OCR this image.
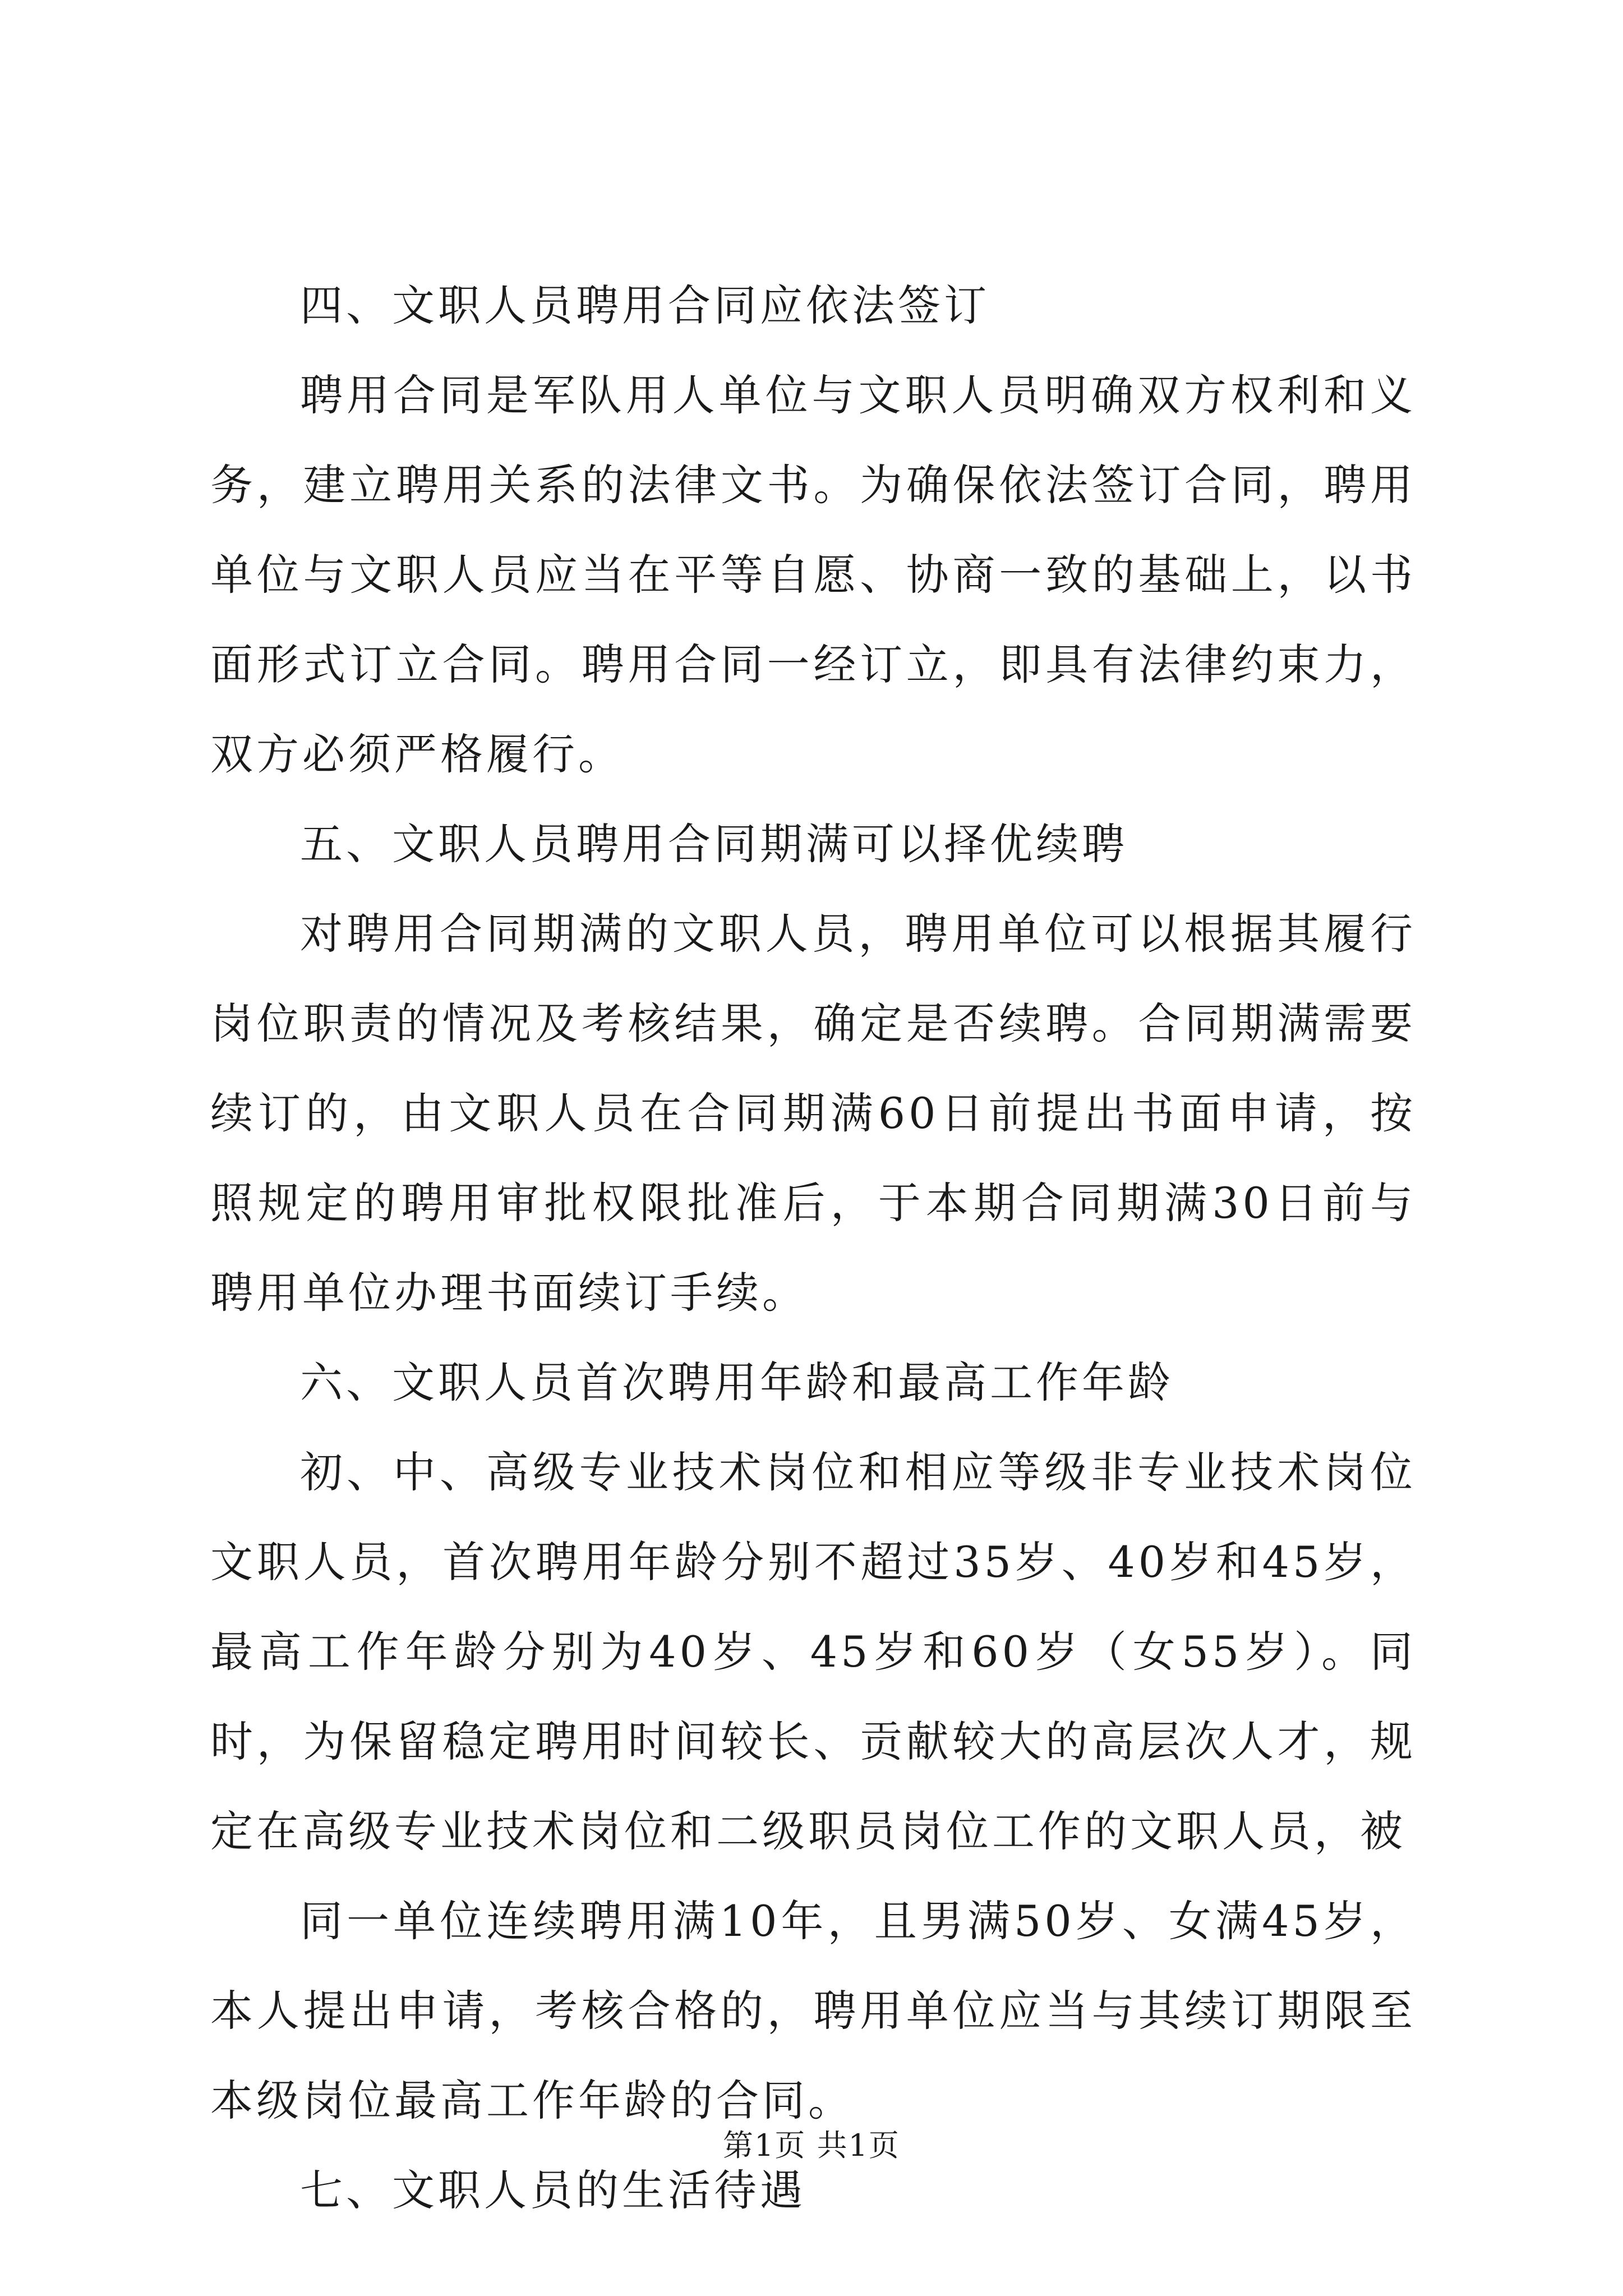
四、文职人员聘用合同应依法签订

聘用合同是军队用人单位与文职人员明确双方权利和义务，建立聘用关系的法律文书。为确保依法签订合同，聘用单位与文职人员应当在平等自愿、协商一致的基础上，以书面形式订立合同。聘用合同一经订立，即具有法律约束力，双方必须严格履行。

五、文职人员聘用合同期满可以择优续聘

对聘用合同期满的文职人员，聘用单位可以根据其履行岗位职责的情况及考核结果，确定是否续聘。合同期满需要续订的，由文职人员在合同期满60日前提出书面申请，按照规定的聘用审批权限批准后，于本期合同期满30日前与聘用单位办理书面续订手续。

六、文职人员首次聘用年龄和最高工作年龄

初、中、高级专业技术岗位和相应等级非专业技术岗位文职人员，首次聘用年龄分别不超过35岁、40岁和45岁，最高工作年龄分别为40岁、45岁和60岁（女55岁）。同时，为保留稳定聘用时间较长、贡献较大的高层次人才，规定在高级专业技术岗位和二级职员岗位工作的文职人员，被

同一单位连续聘用满10年，且男满50岁、女满45岁，本人提出申请，考核合格的，聘用单位应当与其续订期限至本级岗位最高工作年龄的合同。

七、文职人员的生活待遇

第1页 共1页
